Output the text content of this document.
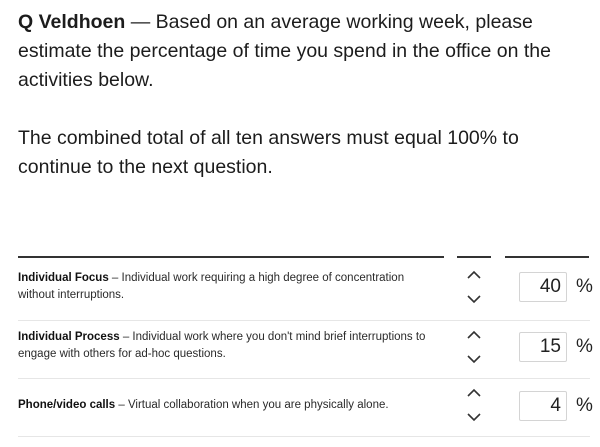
Q Veldhoen — Based on an average working week, please estimate the percentage of time you spend in the office on the activities below.

The combined total of all ten answers must equal 100% to continue to the next question.

Individual Focus – Individual work requiring a high degree of concentration without interruptions.	40 %
Individual Process – Individual work where you don't mind brief interruptions to engage with others for ad-hoc questions.	15 %
Phone/video calls – Virtual collaboration when you are physically alone.	4 %
